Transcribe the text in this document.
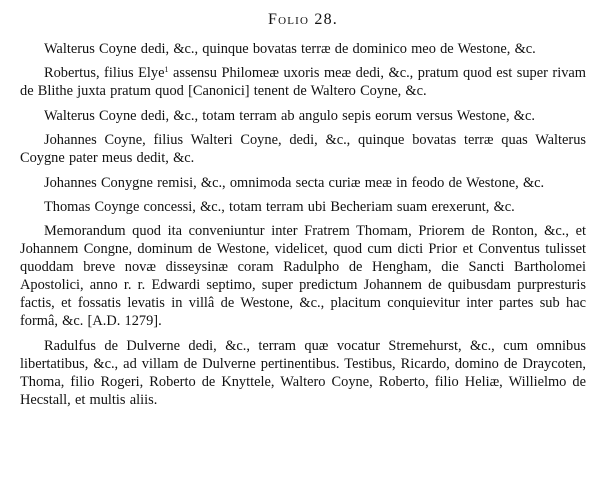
Folio 28.

Walterus Coyne dedi, &c., quinque bovatas terræ de dominico meo de Westone, &c.

Robertus, filius Elye$^1$ assensu Philomeæ uxoris meæ dedi, &c., pratum quod est super rivam de Blithe juxta pratum quod [Canonici] tenent de Waltero Coyne, &c.

Walterus Coyne dedi, &c., totam terram ab angulo sepis eorum versus Westone, &c.

Johannes Coyne, filius Walteri Coyne, dedi, &c., quinque bovatas terræ quas Walterus Coygne pater meus dedit, &c.

Johannes Conygne remisi, &c., omnimoda secta curiæ meæ in feodo de Westone, &c.

Thomas Coynge concessi, &c., totam terram ubi Becheriam suam erexerunt, &c.

Memorandum quod ita conveniuntur inter Fratrem Thomam, Priorem de Ronton, &c., et Johannem Congne, dominum de Westone, videlicet, quod cum dicti Prior et Conventus tulisset quoddam breve novæ disseysinæ coram Radulpho de Hengham, die Sancti Bartholomei Apostolici, anno r. r. Edwardi septimo, super predictum Johannem de quibusdam purpresturis factis, et fossatis levatis in villâ de Westone, &c., placitum conquievitur inter partes sub hac formâ, &c. [A.D. 1279].

Radulfus de Dulverne dedi, &c., terram quæ vocatur Stremehurst, &c., cum omnibus libertatibus, &c., ad villam de Dulverne pertinentibus. Testibus, Ricardo, domino de Draycoten, Thoma, filio Rogeri, Roberto de Knyttele, Waltero Coyne, Roberto, filio Heliæ, Willielmo de Hecstall, et multis aliis.
